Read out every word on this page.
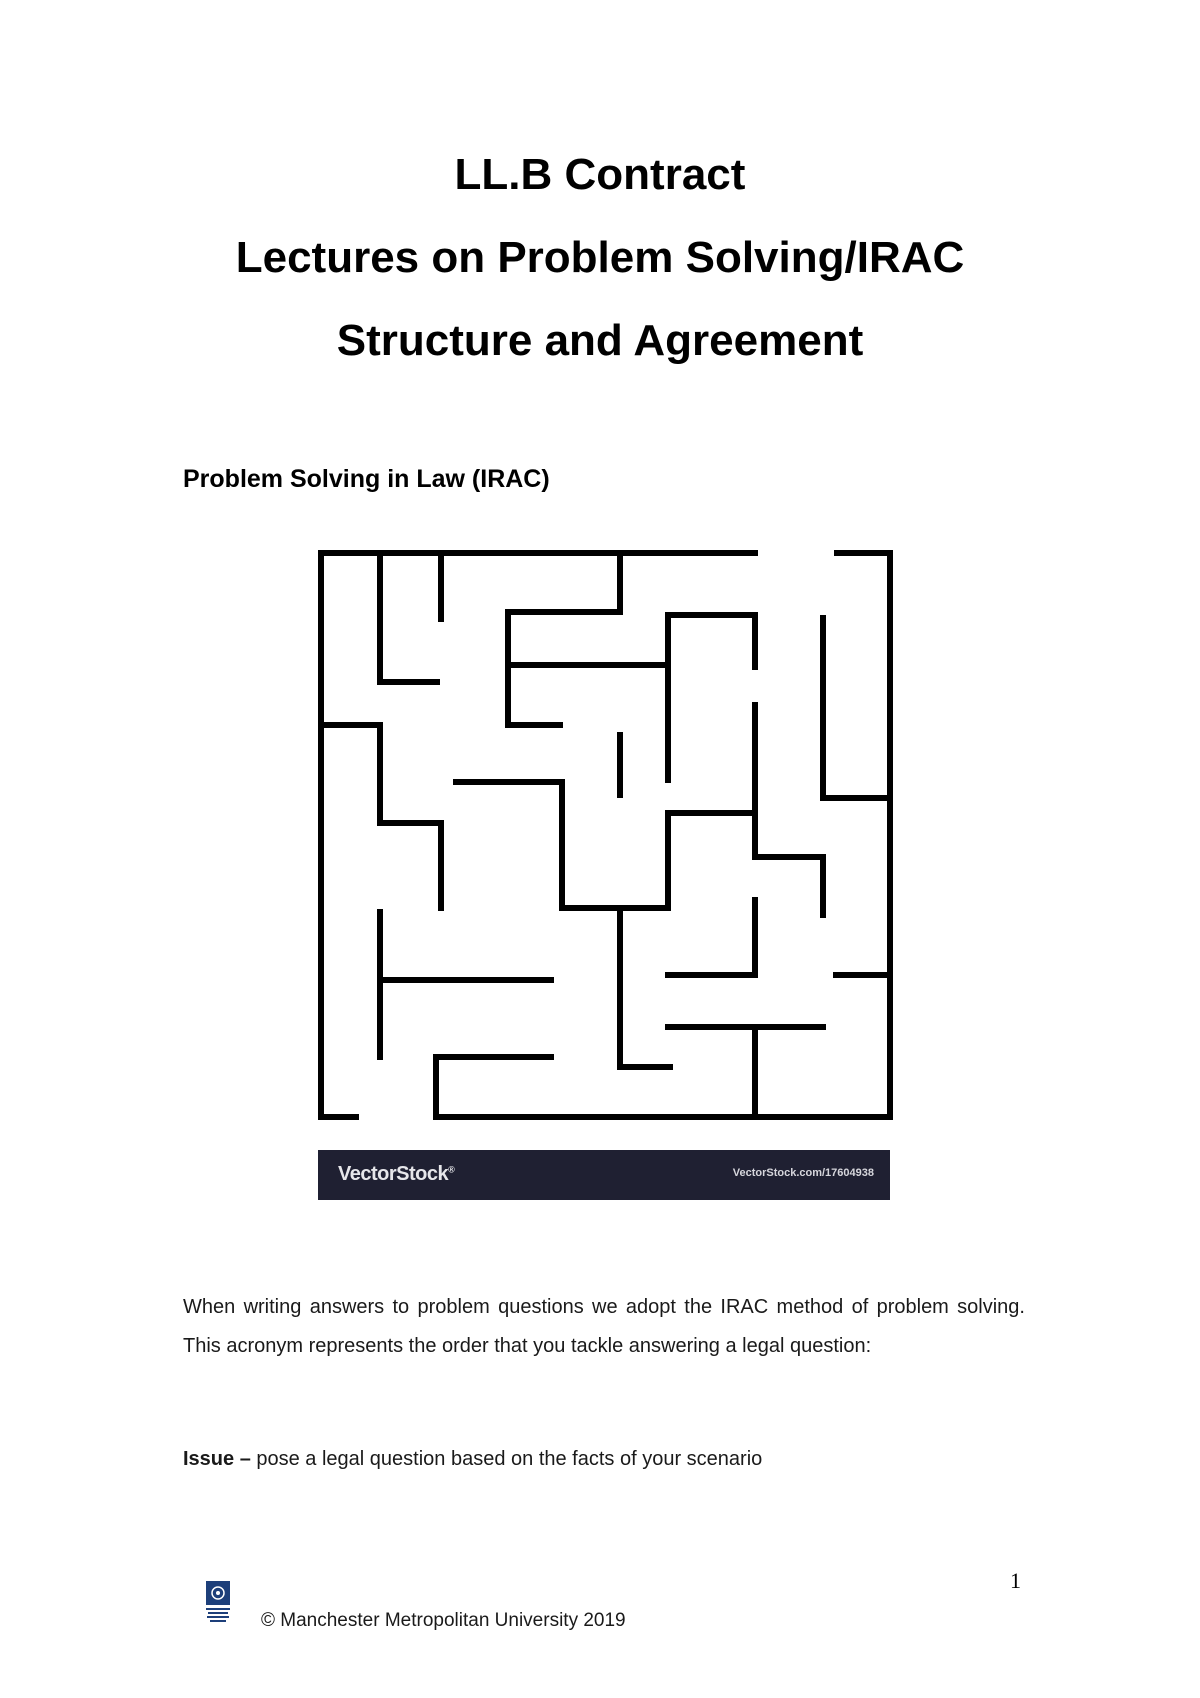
LL.B Contract
Lectures on Problem Solving/IRAC
Structure and Agreement
Problem Solving in Law (IRAC)
VectorStock®	VectorStock.com/17604938

When writing answers to problem questions we adopt the IRAC method of problem solving. This acronym represents the order that you tackle answering a legal question:

Issue – pose a legal question based on the facts of your scenario

1
© Manchester Metropolitan University 2019
